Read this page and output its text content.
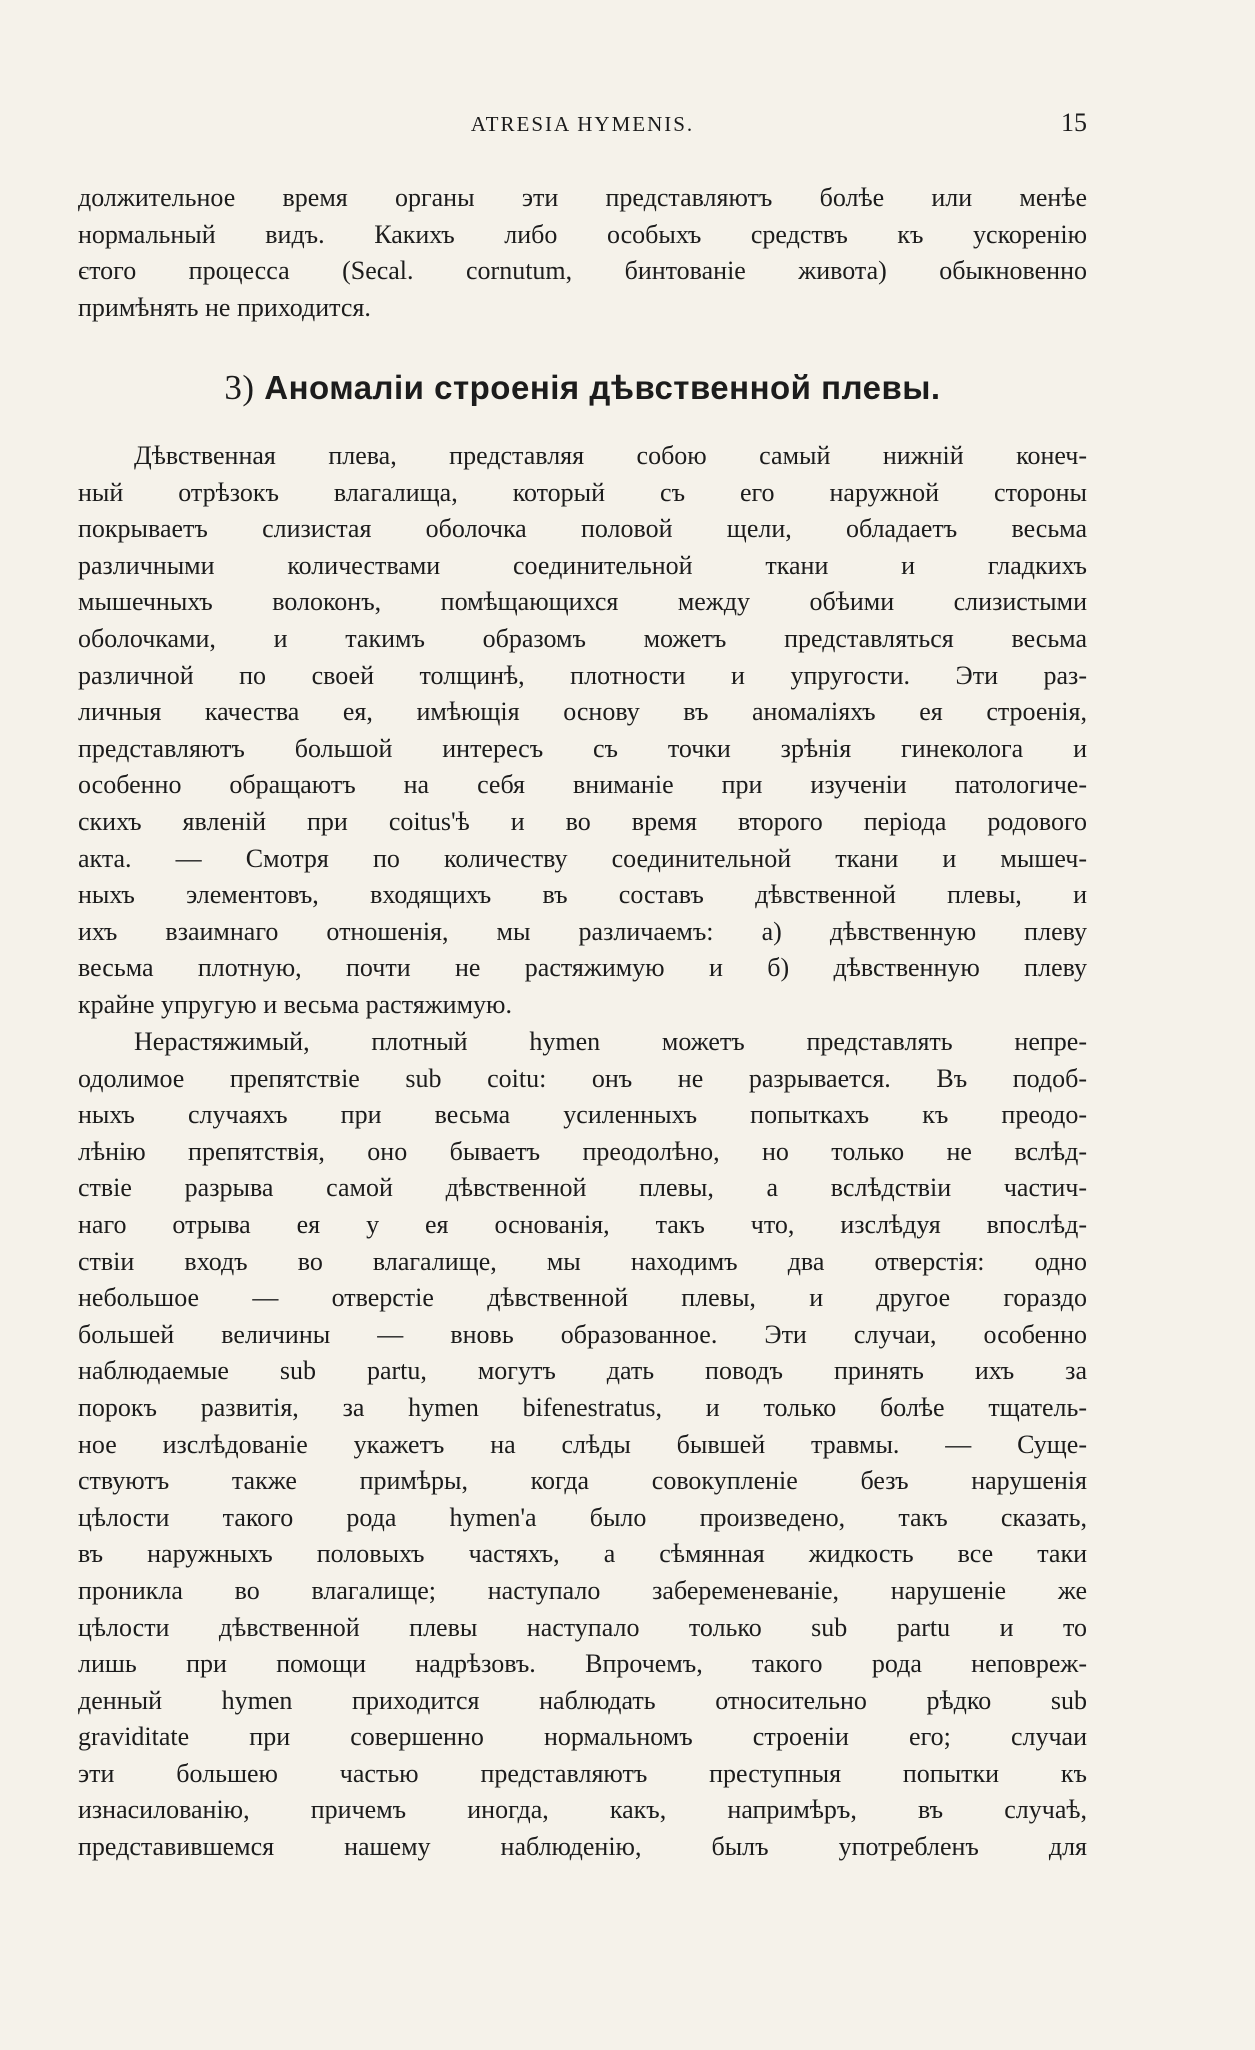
ATRESIA HYMENIS.	15
должительное время органы эти представляютъ болѣе или менѣе
нормальный видъ. Какихъ либо особыхъ средствъ къ ускоренію
єтого процесса (Secal. cornutum, бинтованіе живота) обыкновенно
примѣнять не приходится.
3) Аномаліи строенія дѣвственной плевы.
Дѣвственная плева, представляя собою самый нижній конеч-
ный отрѣзокъ влагалища, который съ его наружной стороны
покрываетъ слизистая оболочка половой щели, обладаетъ весьма
различными количествами соединительной ткани и гладкихъ
мышечныхъ волоконъ, помѣщающихся между обѣими слизистыми
оболочками, и такимъ образомъ можетъ представляться весьма
различной по своей толщинѣ, плотности и упругости. Эти раз-
личныя качества ея, имѣющія основу въ аномаліяхъ ея строенія,
представляютъ большой интересъ съ точки зрѣнія гинеколога и
особенно обращаютъ на себя вниманіе при изученіи патологиче-
скихъ явленій при coitus'ѣ и во время второго періода родового
акта. — Смотря по количеству соединительной ткани и мышеч-
ныхъ элементовъ, входящихъ въ составъ дѣвственной плевы, и
ихъ взаимнаго отношенія, мы различаемъ: а) дѣвственную плеву
весьма плотную, почти не растяжимую и б) дѣвственную плеву
крайне упругую и весьма растяжимую.
Нерастяжимый, плотный hymen можетъ представлять непре-
одолимое препятствіе sub coitu: онъ не разрывается. Въ подоб-
ныхъ случаяхъ при весьма усиленныхъ попыткахъ къ преодо-
лѣнію препятствія, оно бываетъ преодолѣно, но только не вслѣд-
ствіе разрыва самой дѣвственной плевы, а вслѣдствіи частич-
наго отрыва ея у ея основанія, такъ что, изслѣдуя впослѣд-
ствіи входъ во влагалище, мы находимъ два отверстія: одно
небольшое — отверстіе дѣвственной плевы, и другое гораздо
большей величины — вновь образованное. Эти случаи, особенно
наблюдаемые sub partu, могутъ дать поводъ принять ихъ за
порокъ развитія, за hymen bifenestratus, и только болѣе тщатель-
ное изслѣдованіе укажетъ на слѣды бывшей травмы. — Суще-
ствуютъ также примѣры, когда совокупленіе безъ нарушенія
цѣлости такого рода hymen'а было произведено, такъ сказать,
въ наружныхъ половыхъ частяхъ, а сѣмянная жидкость все таки
проникла во влагалище; наступало забеременеваніе, нарушеніе же
цѣлости дѣвственной плевы наступало только sub partu и то
лишь при помощи надрѣзовъ. Впрочемъ, такого рода неповреж-
денный hymen приходится наблюдать относительно рѣдко sub
graviditate при совершенно нормальномъ строеніи его; случаи
эти большею частью представляютъ преступныя попытки къ
изнасилованію, причемъ иногда, какъ, напримѣръ, въ случаѣ,
представившемся нашему наблюденію, былъ употребленъ для
